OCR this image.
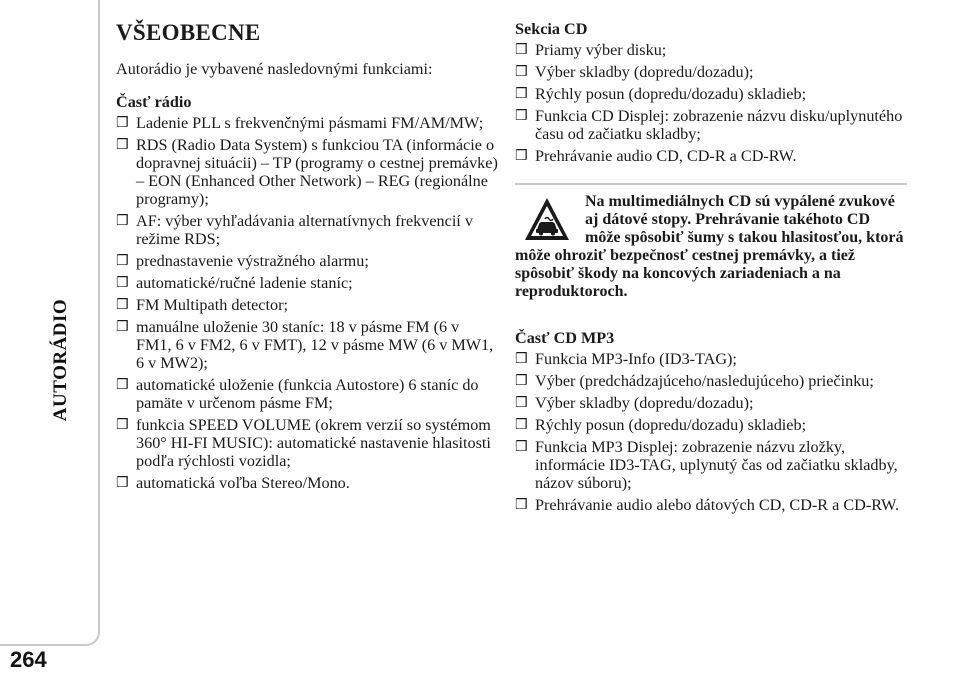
AUTORÁDIO
264
VŠEOBECNE

Autorádio je vybavené nasledovnými funkciami:

Časť rádio
❒ Ladenie PLL s frekvenčnými pásmami FM/AM/MW;
❒ RDS (Radio Data System) s funkciou TA (informácie o dopravnej situácii) – TP (programy o cestnej premávke) – EON (Enhanced Other Network) – REG (regionálne programy);
❒ AF: výber vyhľadávania alternatívnych frekvencií v režime RDS;
❒ prednastavenie výstražného alarmu;
❒ automatické/ručné ladenie staníc;
❒ FM Multipath detector;
❒ manuálne uloženie 30 staníc: 18 v pásme FM (6 v FM1, 6 v FM2, 6 v FMT), 12 v pásme MW (6 v MW1, 6 v MW2);
❒ automatické uloženie (funkcia Autostore) 6 staníc do pamäte v určenom pásme FM;
❒ funkcia SPEED VOLUME (okrem verzií so systémom 360° HI-FI MUSIC): automatické nastavenie hlasitosti podľa rýchlosti vozidla;
❒ automatická voľba Stereo/Mono.
Sekcia CD
❒ Priamy výber disku;
❒ Výber skladby (dopredu/dozadu);
❒ Rýchly posun (dopredu/dozadu) skladieb;
❒ Funkcia CD Displej: zobrazenie názvu disku/uplynutého času od začiatku skladby;
❒ Prehrávanie audio CD, CD-R a CD-RW.
Na multimediálnych CD sú vypálené zvukové aj dátové stopy. Prehrávanie takéhoto CD môže spôsobiť šumy s takou hlasitosťou, ktorá môže ohroziť bezpečnosť cestnej premávky, a tiež spôsobiť škody na koncových zariadeniach a na reproduktoroch.
Časť CD MP3
❒ Funkcia MP3-Info (ID3-TAG);
❒ Výber (predchádzajúceho/nasledujúceho) priečinku;
❒ Výber skladby (dopredu/dozadu);
❒ Rýchly posun (dopredu/dozadu) skladieb;
❒ Funkcia MP3 Displej: zobrazenie názvu zložky, informácie ID3-TAG, uplynutý čas od začiatku skladby, názov súboru);
❒ Prehrávanie audio alebo dátových CD, CD-R a CD-RW.
